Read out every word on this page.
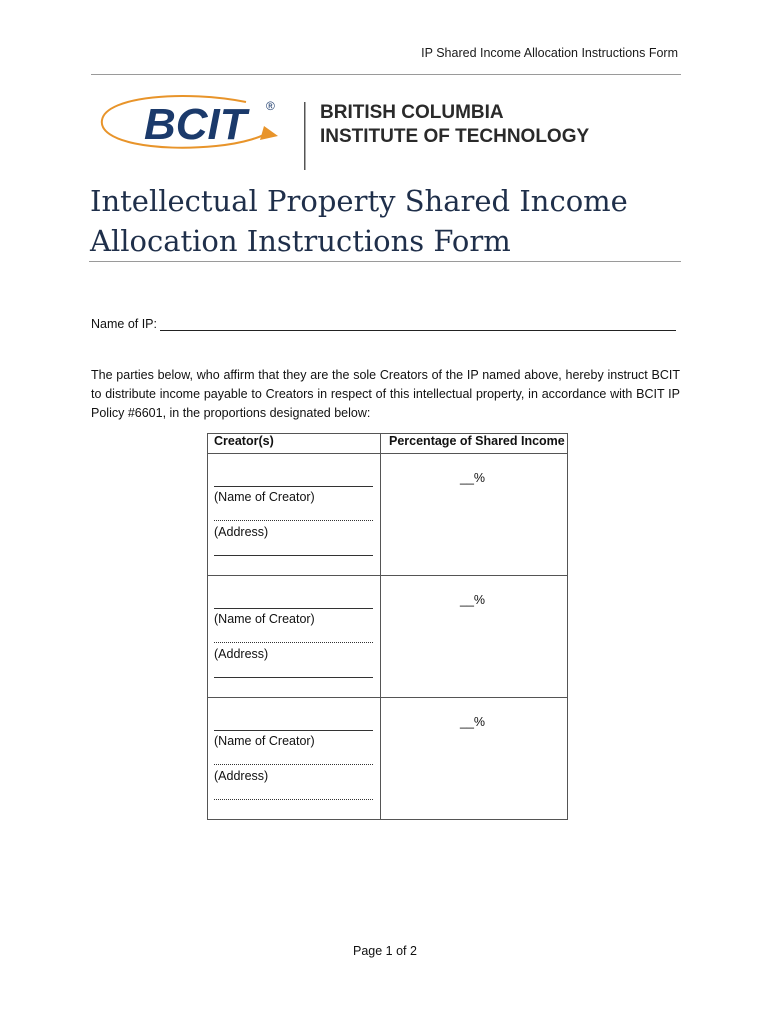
IP Shared Income Allocation Instructions Form
BCIT ® BRITISH COLUMBIA
INSTITUTE OF TECHNOLOGY
Intellectual Property Shared Income
Allocation Instructions Form
Name of IP:

The parties below, who affirm that they are the sole Creators of the IP named above, hereby instruct BCIT to distribute income payable to Creators in respect of this intellectual property, in accordance with BCIT IP Policy #6601, in the proportions designated below:

Creator(s)	Percentage of Shared Income

(Name of Creator)
(Address)	__%

(Name of Creator)
(Address)	__%

(Name of Creator)
(Address)	__%
Page 1 of 2
